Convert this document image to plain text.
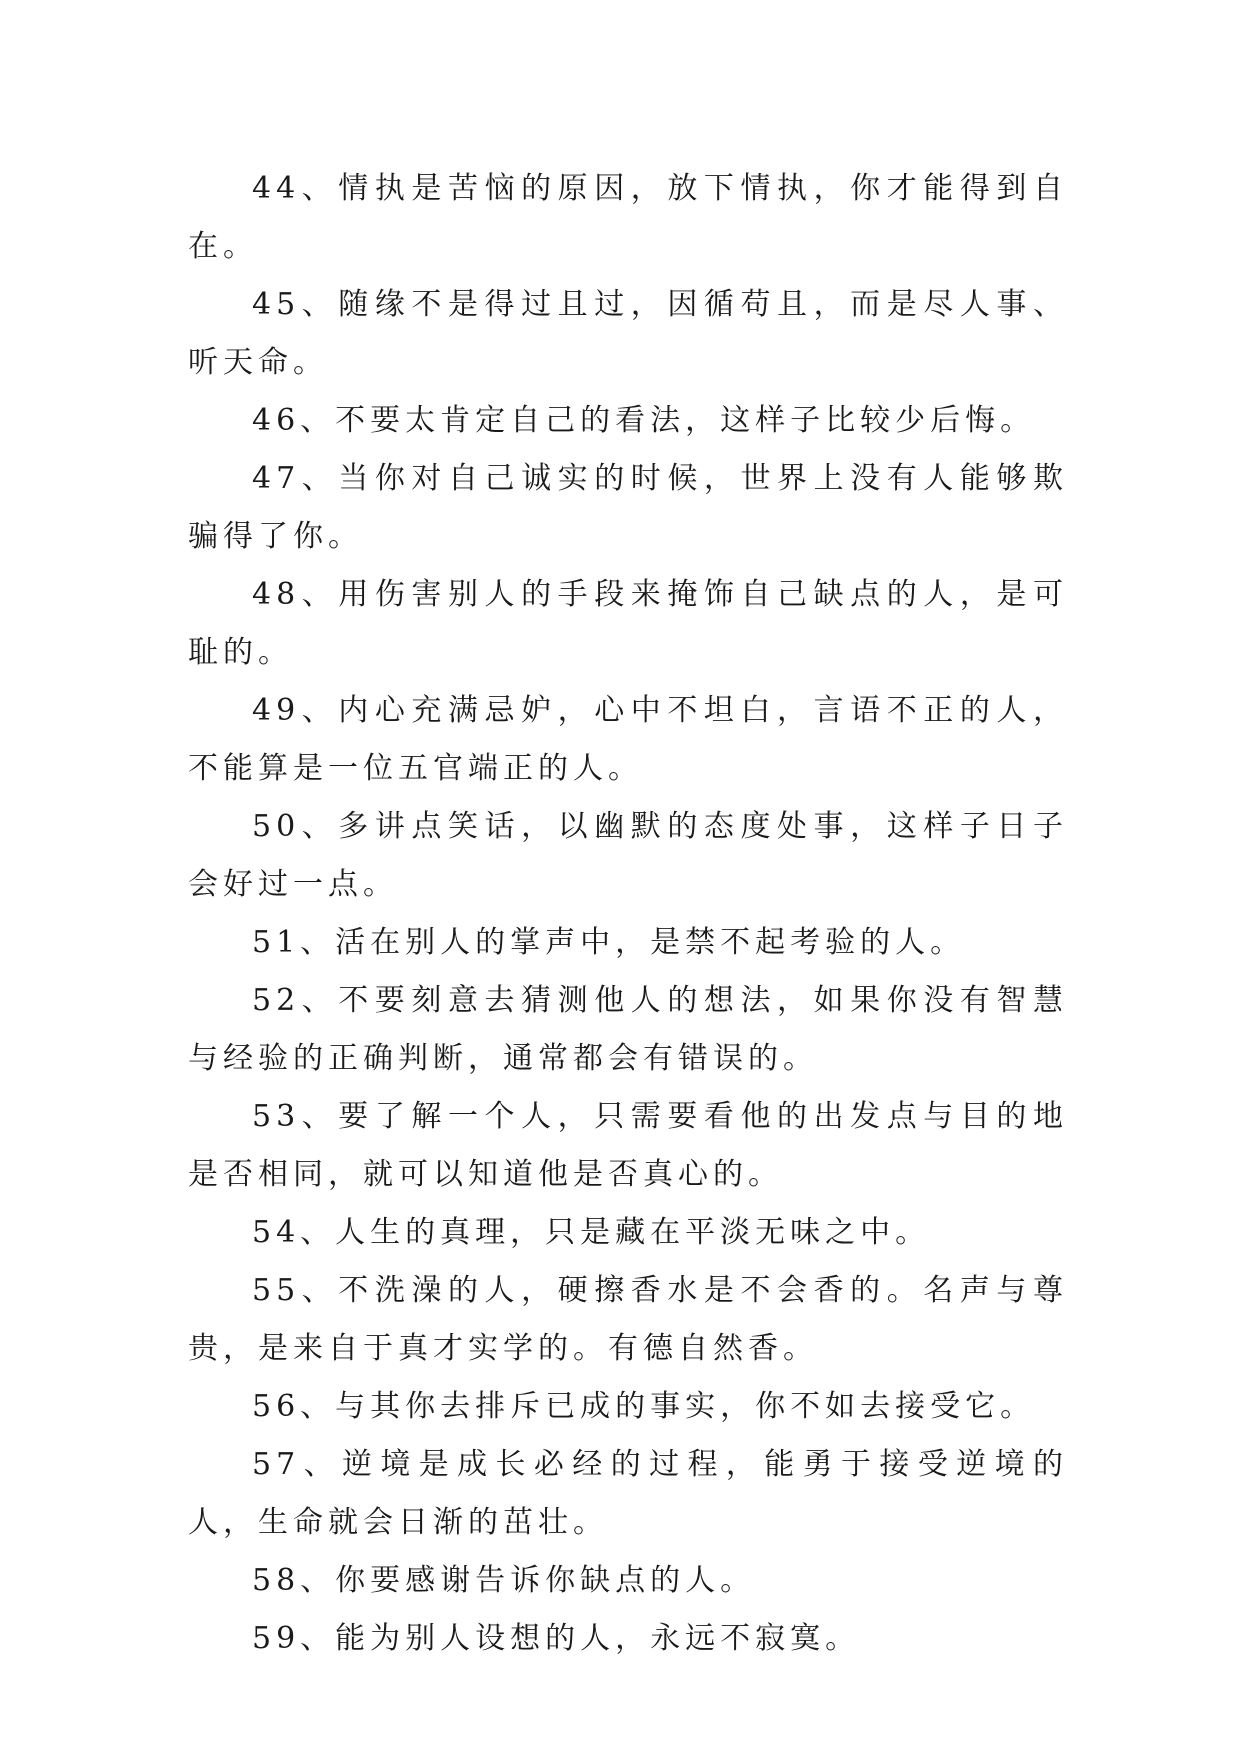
44、情执是苦恼的原因，放下情执，你才能得到自在。

45、随缘不是得过且过，因循苟且，而是尽人事、听天命。

46、不要太肯定自己的看法，这样子比较少后悔。

47、当你对自己诚实的时候，世界上没有人能够欺骗得了你。

48、用伤害别人的手段来掩饰自己缺点的人，是可耻的。

49、内心充满忌妒，心中不坦白，言语不正的人，不能算是一位五官端正的人。

50、多讲点笑话，以幽默的态度处事，这样子日子会好过一点。

51、活在别人的掌声中，是禁不起考验的人。

52、不要刻意去猜测他人的想法，如果你没有智慧与经验的正确判断，通常都会有错误的。

53、要了解一个人，只需要看他的出发点与目的地是否相同，就可以知道他是否真心的。

54、人生的真理，只是藏在平淡无味之中。

55、不洗澡的人，硬擦香水是不会香的。名声与尊贵，是来自于真才实学的。有德自然香。

56、与其你去排斥已成的事实，你不如去接受它。

57、逆境是成长必经的过程，能勇于接受逆境的人，生命就会日渐的茁壮。

58、你要感谢告诉你缺点的人。

59、能为别人设想的人，永远不寂寞。
